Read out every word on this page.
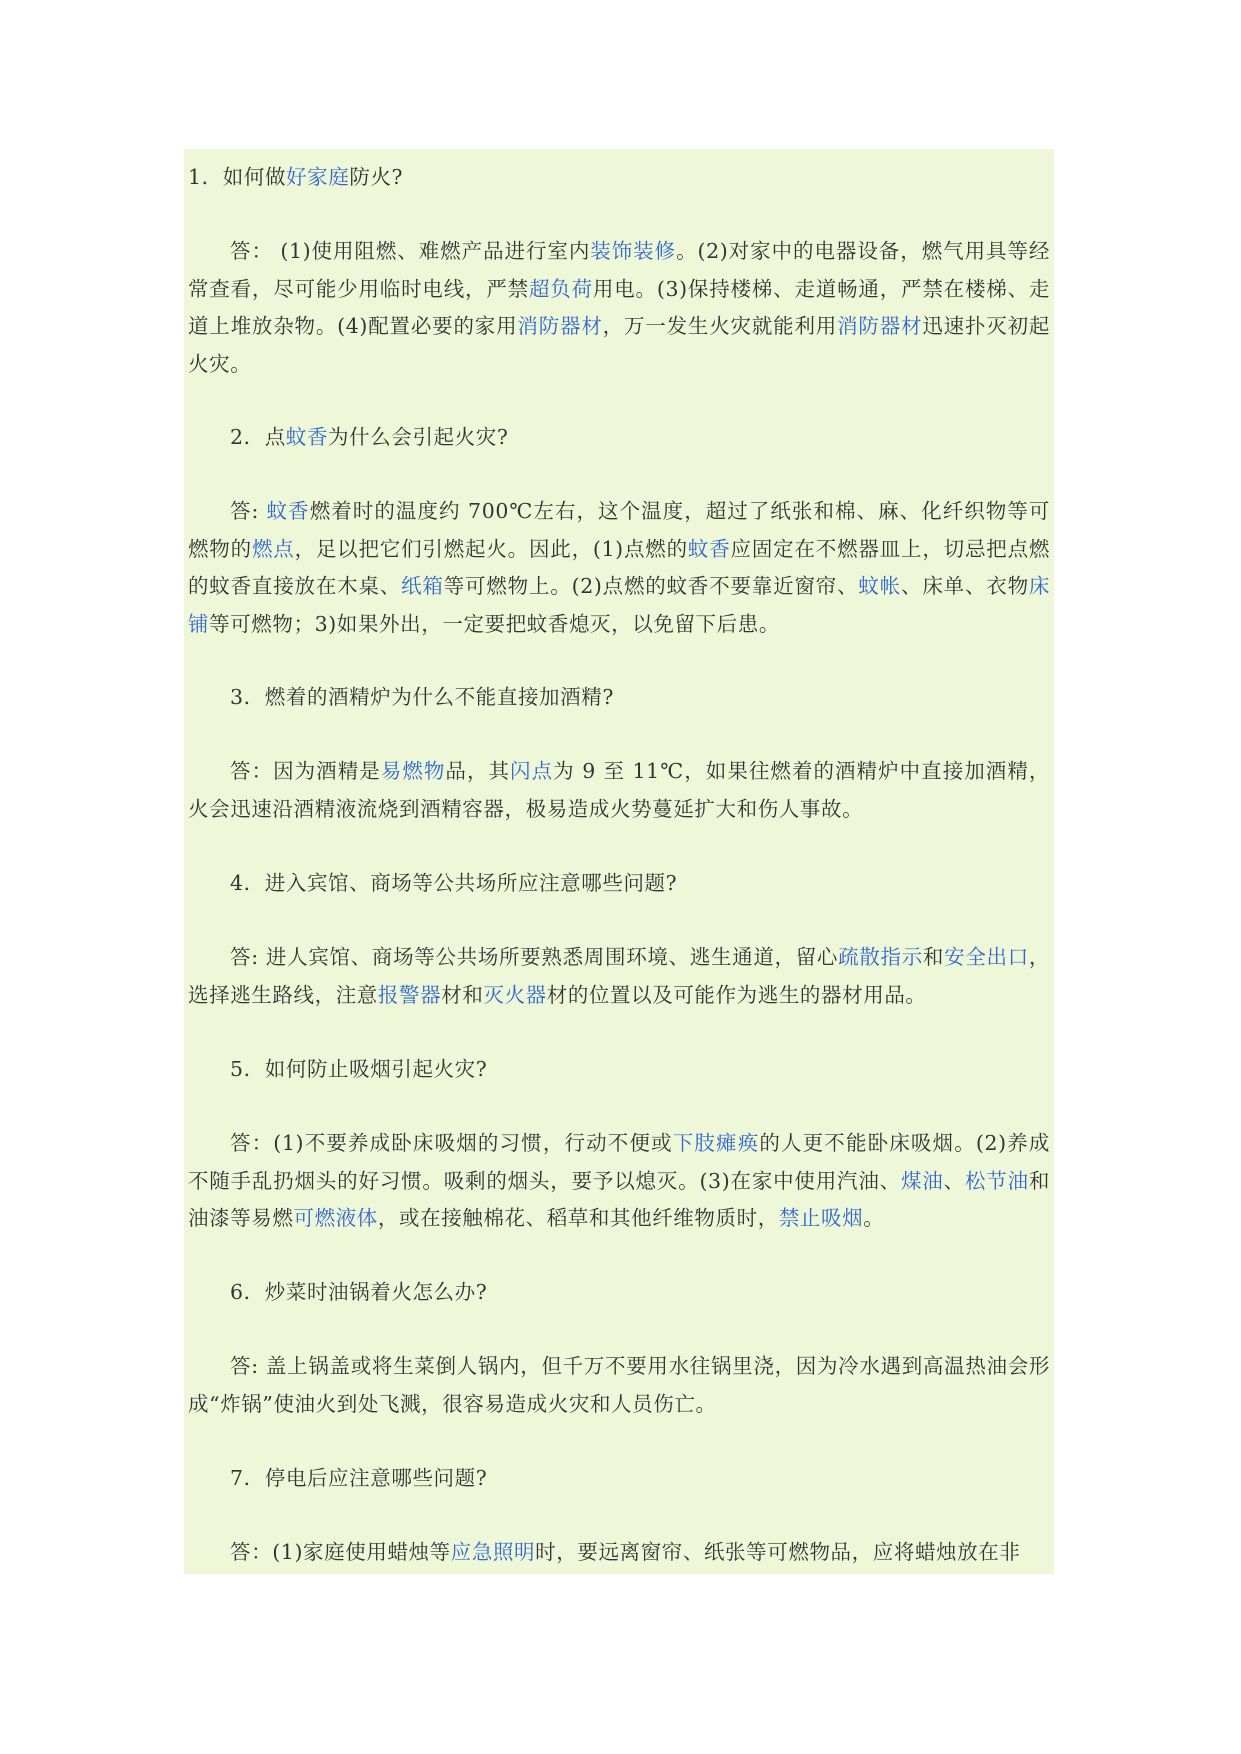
1．如何做好家庭防火?

答： (1)使用阻燃、难燃产品进行室内装饰装修。(2)对家中的电器设备，燃气用具等经常查看，尽可能少用临时电线，严禁超负荷用电。(3)保持楼梯、走道畅通，严禁在楼梯、走道上堆放杂物。(4)配置必要的家用消防器材，万一发生火灾就能利用消防器材迅速扑灭初起火灾。

2．点蚊香为什么会引起火灾?

答: 蚊香燃着时的温度约 700℃左右，这个温度，超过了纸张和棉、麻、化纤织物等可燃物的燃点，足以把它们引燃起火。因此，(1)点燃的蚊香应固定在不燃器皿上，切忌把点燃的蚊香直接放在木桌、纸箱等可燃物上。(2)点燃的蚊香不要靠近窗帘、蚊帐、床单、衣物床铺等可燃物；3)如果外出，一定要把蚊香熄灭，以免留下后患。

3．燃着的酒精炉为什么不能直接加酒精?

答：因为酒精是易燃物品，其闪点为 9 至 11℃，如果往燃着的酒精炉中直接加酒精，火会迅速沿酒精液流烧到酒精容器，极易造成火势蔓延扩大和伤人事故。

4．进入宾馆、商场等公共场所应注意哪些问题?

答: 进人宾馆、商场等公共场所要熟悉周围环境、逃生通道，留心疏散指示和安全出口，选择逃生路线，注意报警器材和灭火器材的位置以及可能作为逃生的器材用品。

5．如何防止吸烟引起火灾?

答：(1)不要养成卧床吸烟的习惯，行动不便或下肢瘫痪的人更不能卧床吸烟。(2)养成不随手乱扔烟头的好习惯。吸剩的烟头，要予以熄灭。(3)在家中使用汽油、煤油、松节油和油漆等易燃可燃液体，或在接触棉花、稻草和其他纤维物质时，禁止吸烟。

6．炒菜时油锅着火怎么办?

答: 盖上锅盖或将生菜倒人锅内，但千万不要用水往锅里浇，因为冷水遇到高温热油会形成“炸锅”使油火到处飞溅，很容易造成火灾和人员伤亡。

7．停电后应注意哪些问题?

答：(1)家庭使用蜡烛等应急照明时，要远离窗帘、纸张等可燃物品，应将蜡烛放在非
